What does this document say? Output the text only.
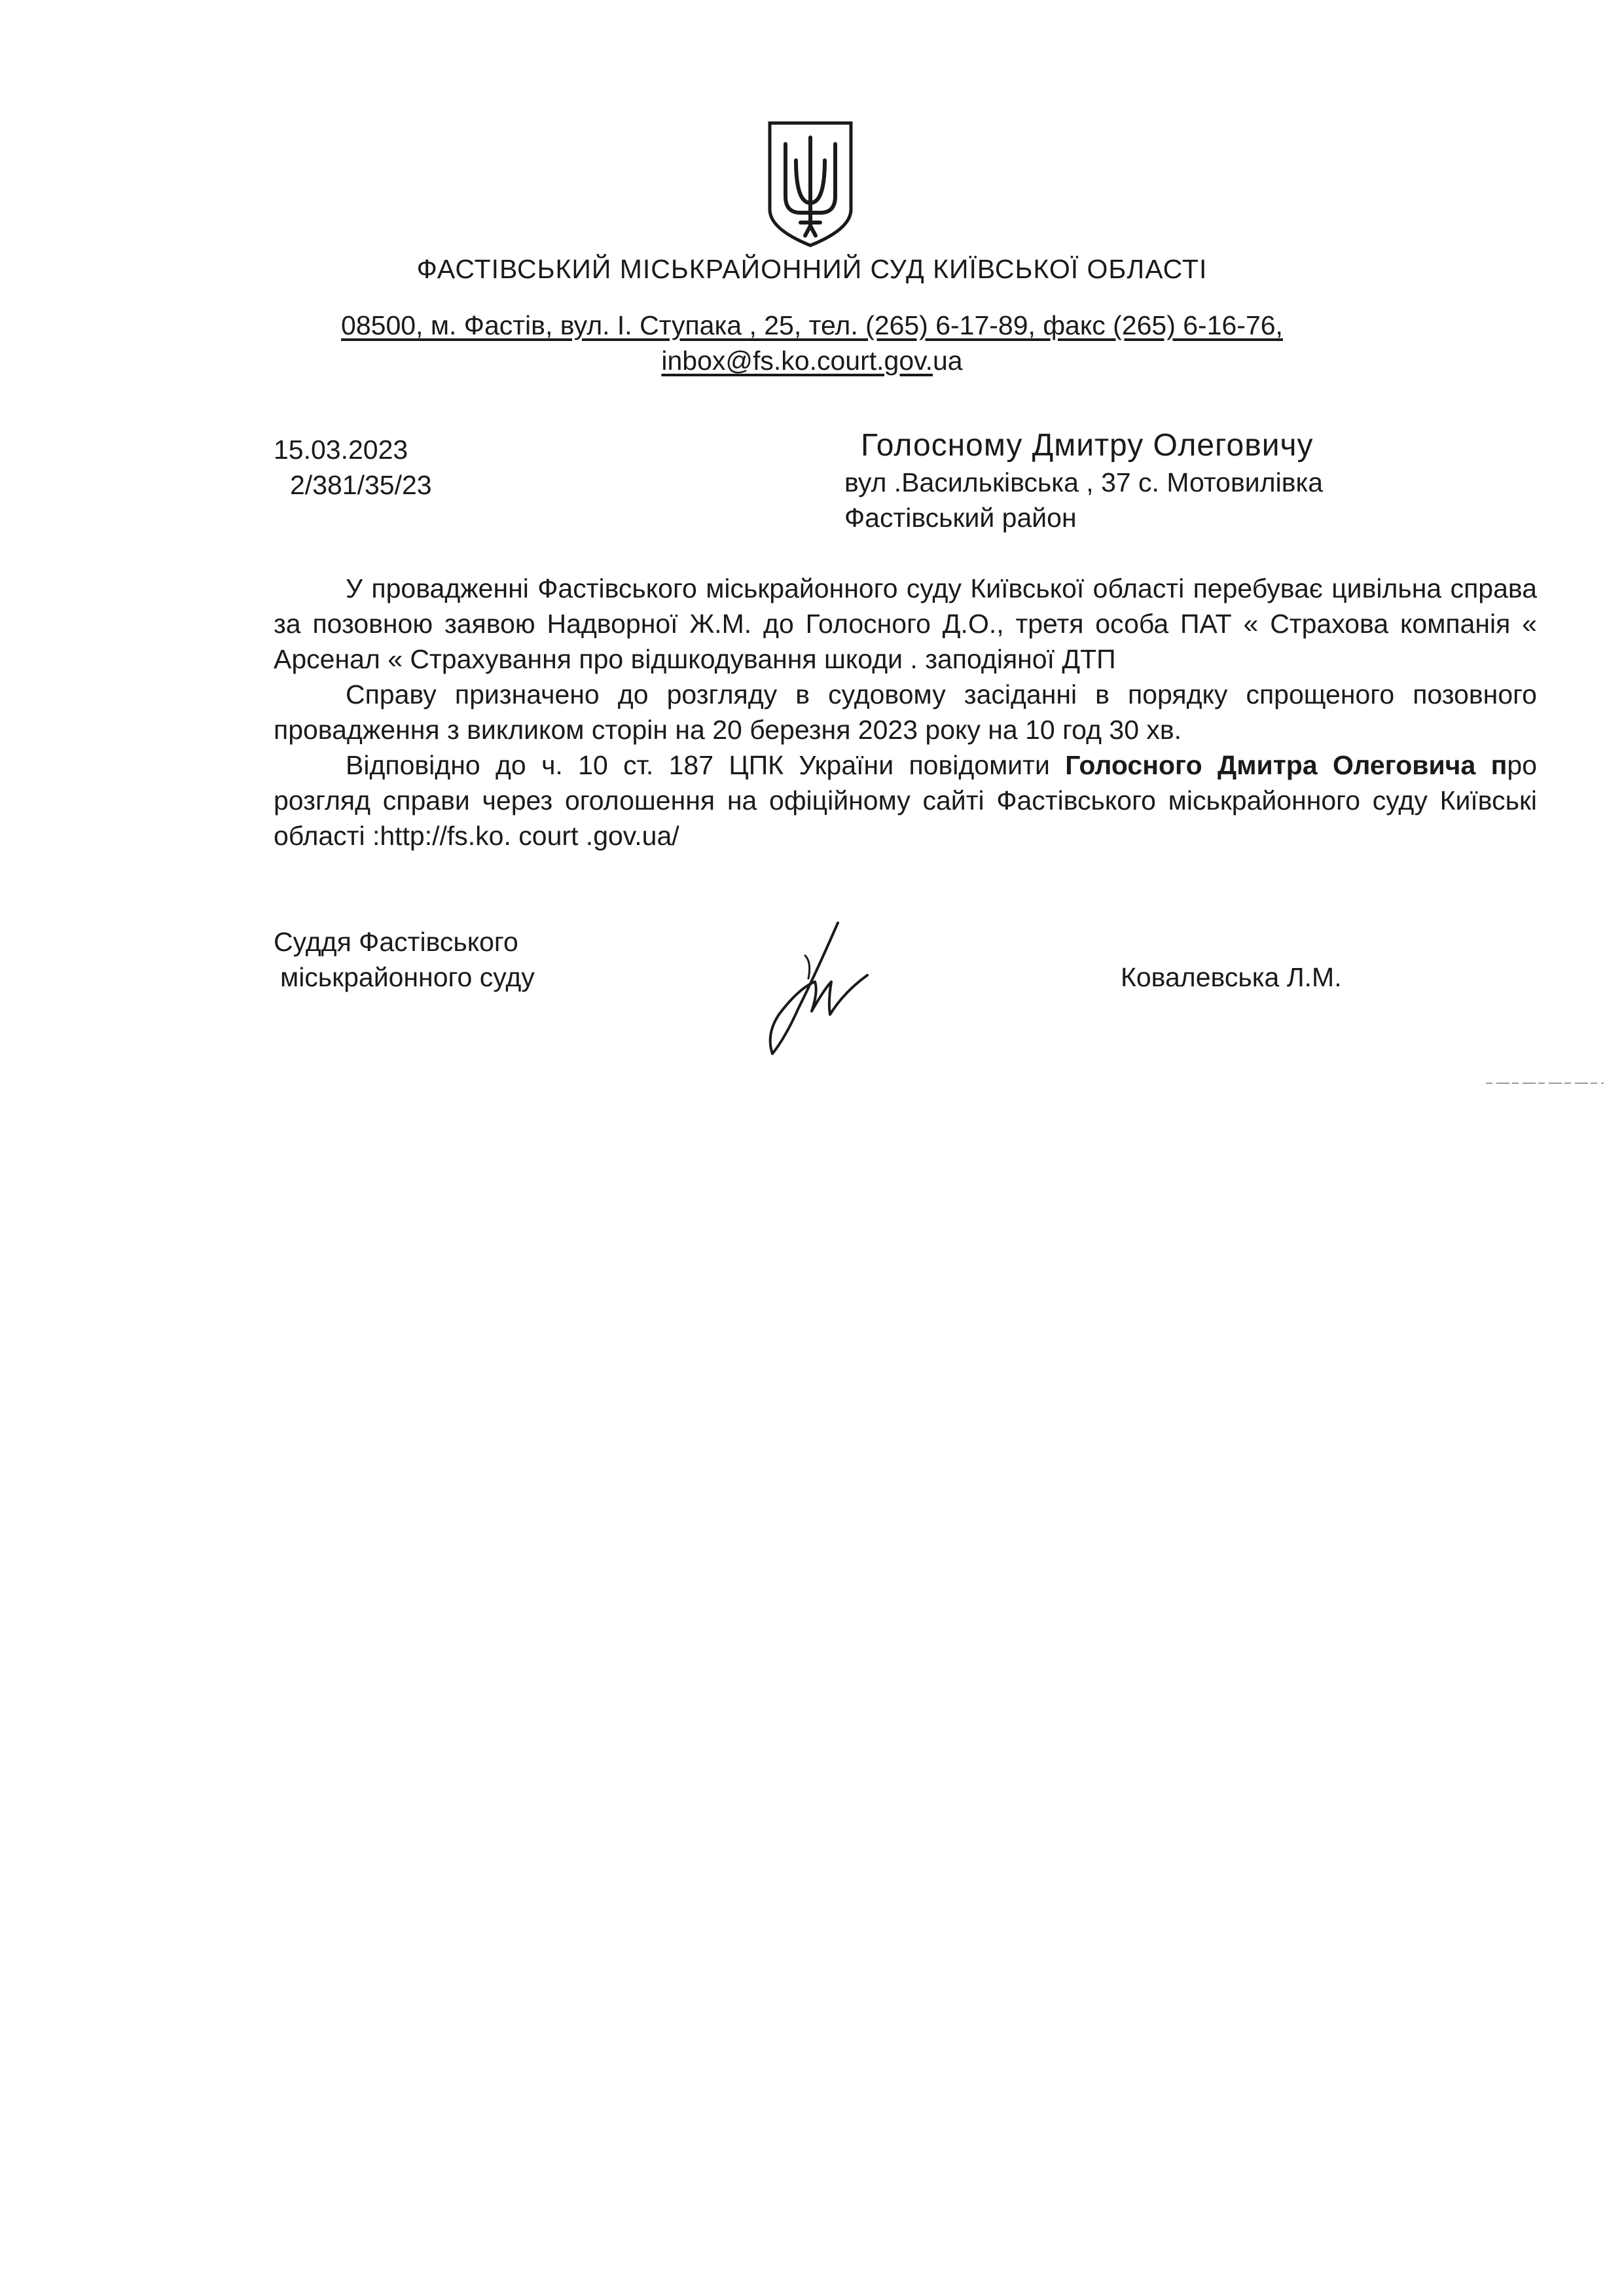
ФАСТІВСЬКИЙ МІСЬКРАЙОННИЙ СУД КИЇВСЬКОЇ ОБЛАСТІ
08500, м. Фастів, вул. І. Ступака , 25, тел. (265) 6-17-89, факс (265) 6-16-76,
inbox@fs.ko.court.gov.ua
15.03.2023
2/381/35/23
Голосному Дмитру Олеговичу
вул .Васильківська , 37 с. Мотовилівка
Фастівський район

У провадженні Фастівського міськрайонного суду Київської області перебуває цивільна справа за позовною заявою Надворної Ж.М. до Голосного Д.О., третя особа ПАТ « Страхова компанія « Арсенал « Страхування про відшкодування шкоди . заподіяної ДТП

Справу призначено до розгляду в судовому засіданні в порядку спрощеного позовного провадження з викликом сторін на 20 березня 2023 року на 10 год 30 хв.

Відповідно до ч. 10 ст. 187 ЦПК України повідомити Голосного Дмитра Олеговича про розгляд справи через оголошення на офіційному сайті Фастівського міськрайонного суду Київські області :http://fs.ko. court .gov.ua/

Суддя Фастівського
міськрайонного суду	Ковалевська Л.М.
